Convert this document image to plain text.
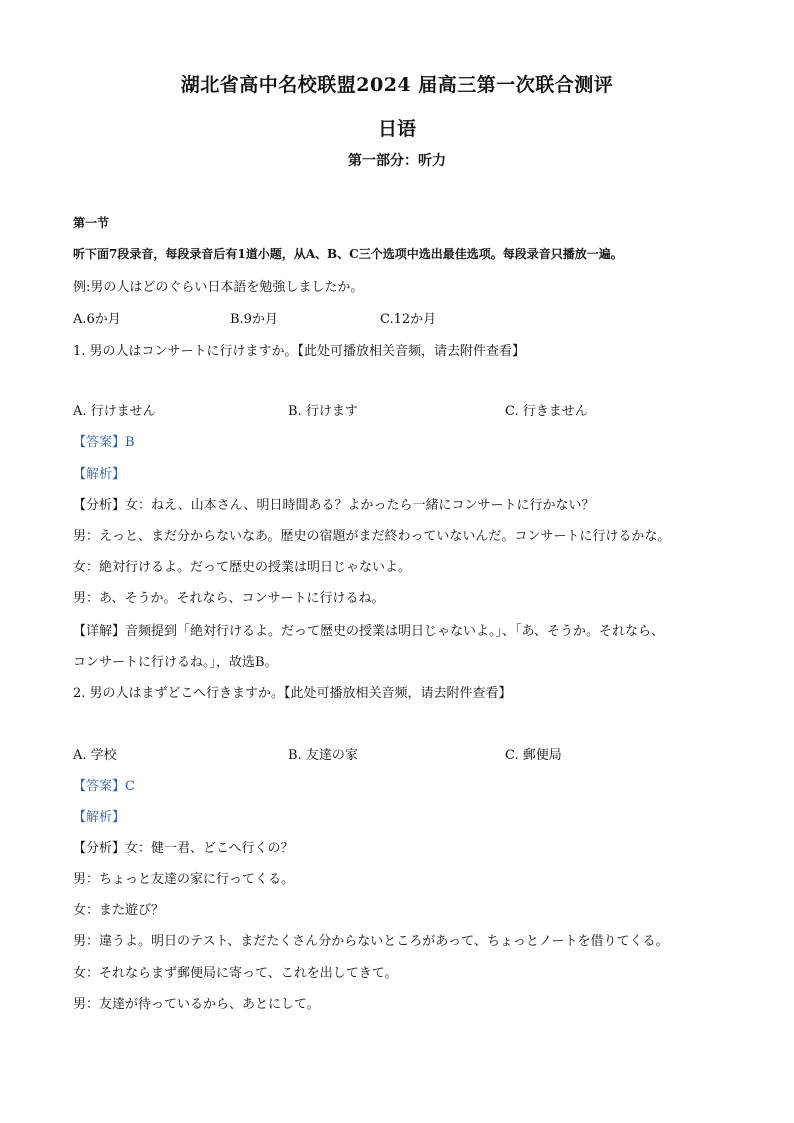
湖北省高中名校联盟2024 届高三第一次联合测评
日语
第一部分：听力
第一节
听下面7段录音，每段录音后有1道小题，从A、B、C三个选项中选出最佳选项。每段录音只播放一遍。
例:男の人はどのぐらい日本語を勉強しましたか。
A.6か月	B.9か月	C.12か月
1. 男の人はコンサートに行けますか。【此处可播放相关音频，请去附件查看】
A. 行けません	B. 行けます	C. 行きません
【答案】B
【解析】
【分析】女：ねえ、山本さん、明日時間ある？よかったら一緒にコンサートに行かない？
男：えっと、まだ分からないなあ。歴史の宿題がまだ終わっていないんだ。コンサートに行けるかな。
女：絶対行けるよ。だって歴史の授業は明日じゃないよ。
男：あ、そうか。それなら、コンサートに行けるね。
【详解】音频提到「絶対行けるよ。だって歴史の授業は明日じゃないよ。」、「あ、そうか。それなら、
コンサートに行けるね。」，故选B。
2. 男の人はまずどこへ行きますか。【此处可播放相关音频，请去附件查看】
A. 学校	B. 友達の家	C. 郵便局
【答案】C
【解析】
【分析】女：健一君、どこへ行くの？
男：ちょっと友達の家に行ってくる。
女：また遊び？
男：違うよ。明日のテスト、まだたくさん分からないところがあって、ちょっとノートを借りてくる。
女：それならまず郵便局に寄って、これを出してきて。
男：友達が待っているから、あとにして。
